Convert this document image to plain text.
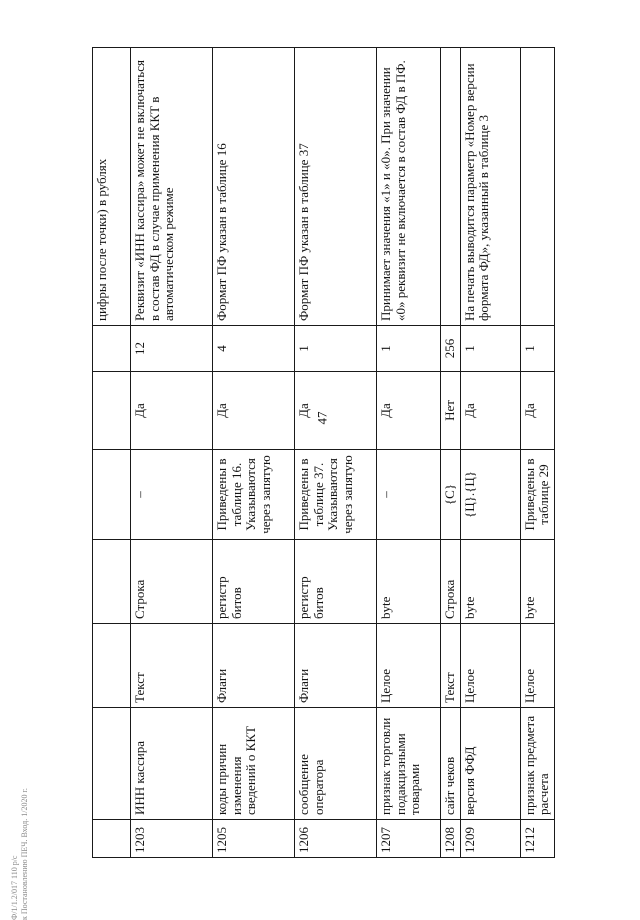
47
Ф/1/1.2/017 110 р/с к Постановлению ПЕЧ. Вход. 1/2020 г.
							цифры после точки) в рублях
1203	ИНН кассира	Текст	Строка	–	Да	12	Реквизит «ИНН кассира» может не включаться в состав ФД в случае применения ККТ в автоматическом режиме
1205	коды причин изменения сведений о ККТ	Флаги	регистр битов	Приведены в таблице 16. Указываются через запятую	Да	4	Формат ПФ указан в таблице 16
1206	сообщение оператора	Флаги	регистр битов	Приведены в таблице 37. Указываются через запятую	Да	1	Формат ПФ указан в таблице 37
1207	признак торговли подакцизными товарами	Целое	byte	–	Да	1	Принимает значения «1» и «0». При значении «0» реквизит не включается в состав ФД в ПФ.
1208	сайт чеков	Текст	Строка	{С}	Нет	256	
1209	версия ФФД	Целое	byte	{Ц}.{Ц}	Да	1	На печать выводится параметр «Номер версии формата ФД», указанный в таблице 3
1212	признак предмета расчета	Целое	byte	Приведены в таблице 29	Да	1	
